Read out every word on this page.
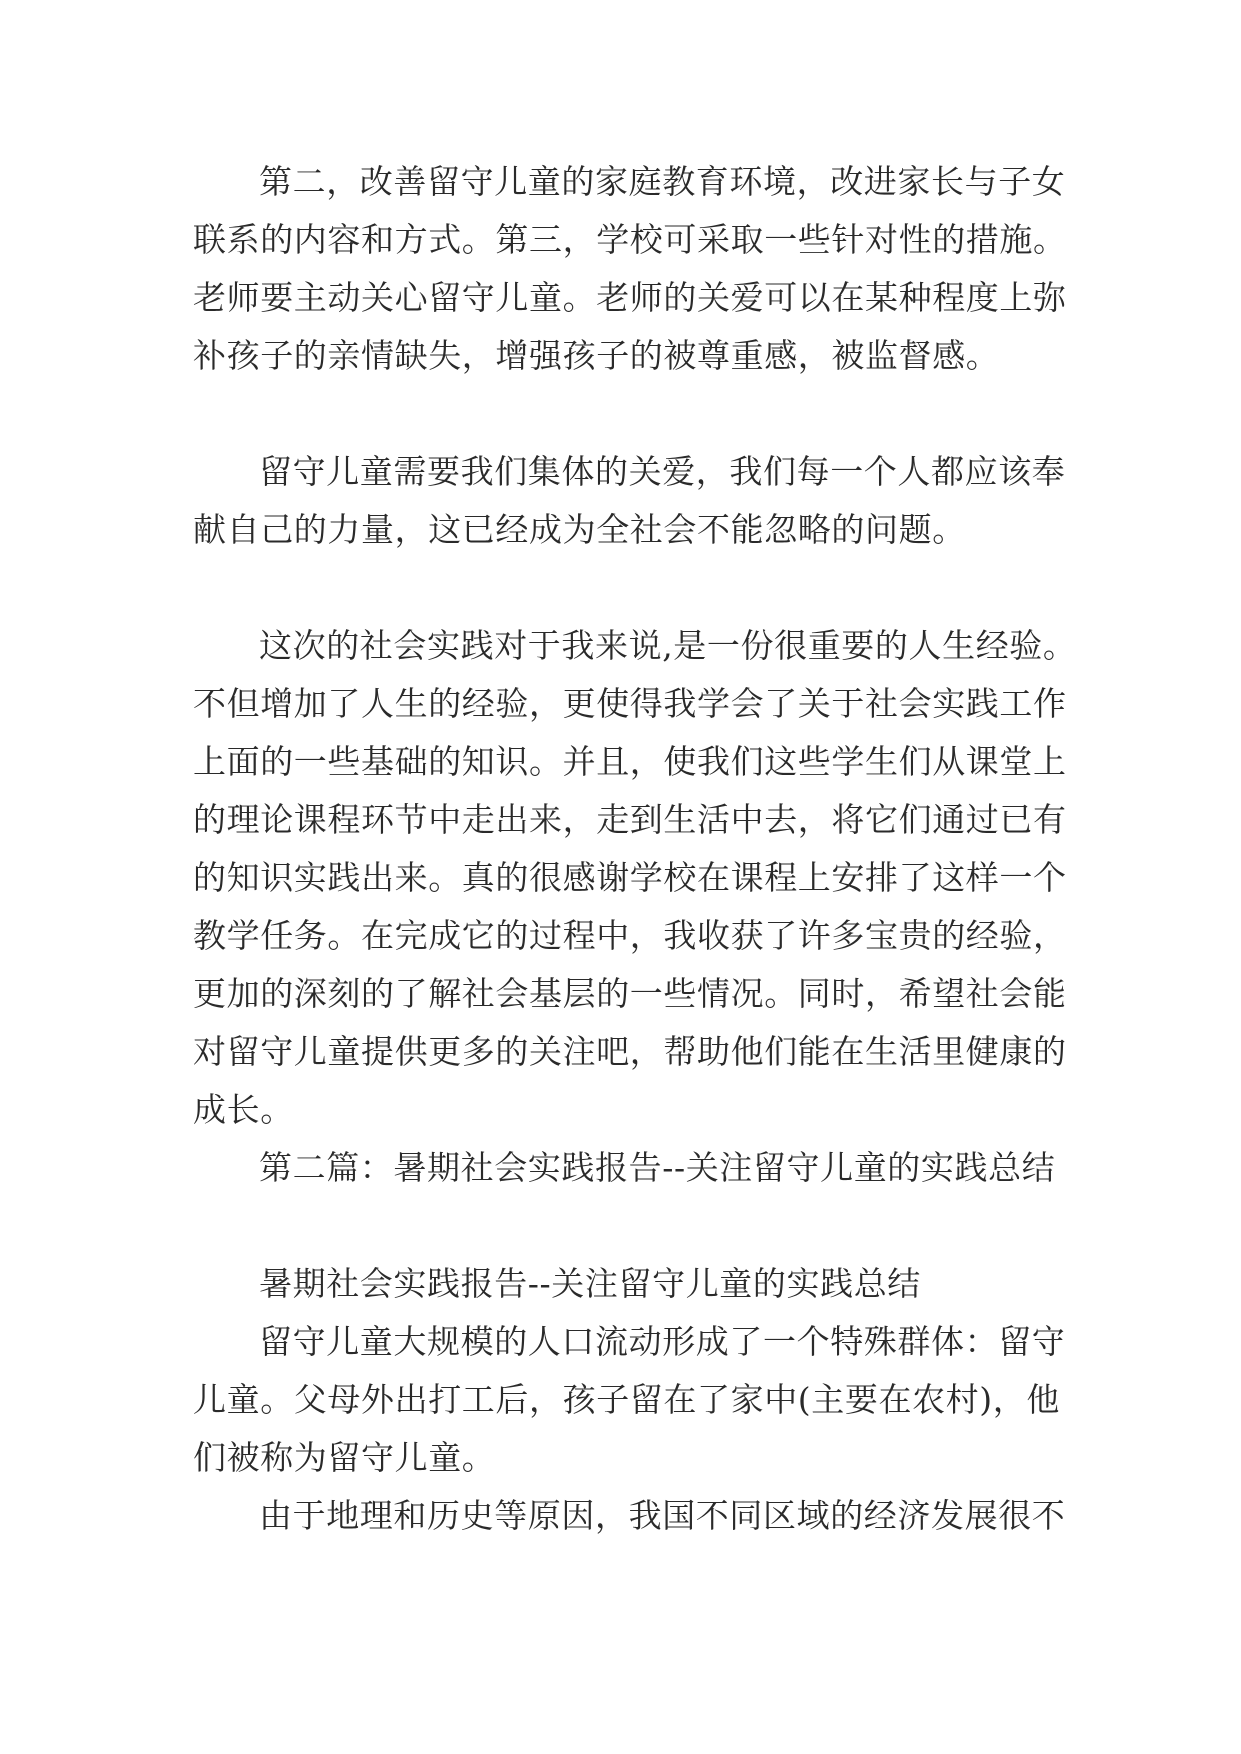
第二，改善留守儿童的家庭教育环境，改进家长与子女

联系的内容和方式。第三，学校可采取一些针对性的措施。

老师要主动关心留守儿童。老师的关爱可以在某种程度上弥

补孩子的亲情缺失，增强孩子的被尊重感，被监督感。

留守儿童需要我们集体的关爱，我们每一个人都应该奉

献自己的力量，这已经成为全社会不能忽略的问题。

这次的社会实践对于我来说,是一份很重要的人生经验。

不但增加了人生的经验，更使得我学会了关于社会实践工作

上面的一些基础的知识。并且，使我们这些学生们从课堂上

的理论课程环节中走出来，走到生活中去，将它们通过已有

的知识实践出来。真的很感谢学校在课程上安排了这样一个

教学任务。在完成它的过程中，我收获了许多宝贵的经验，

更加的深刻的了解社会基层的一些情况。同时，希望社会能

对留守儿童提供更多的关注吧，帮助他们能在生活里健康的

成长。

第二篇：暑期社会实践报告--关注留守儿童的实践总结

暑期社会实践报告--关注留守儿童的实践总结

留守儿童大规模的人口流动形成了一个特殊群体：留守

儿童。父母外出打工后，孩子留在了家中(主要在农村)，他

们被称为留守儿童。

由于地理和历史等原因，我国不同区域的经济发展很不
